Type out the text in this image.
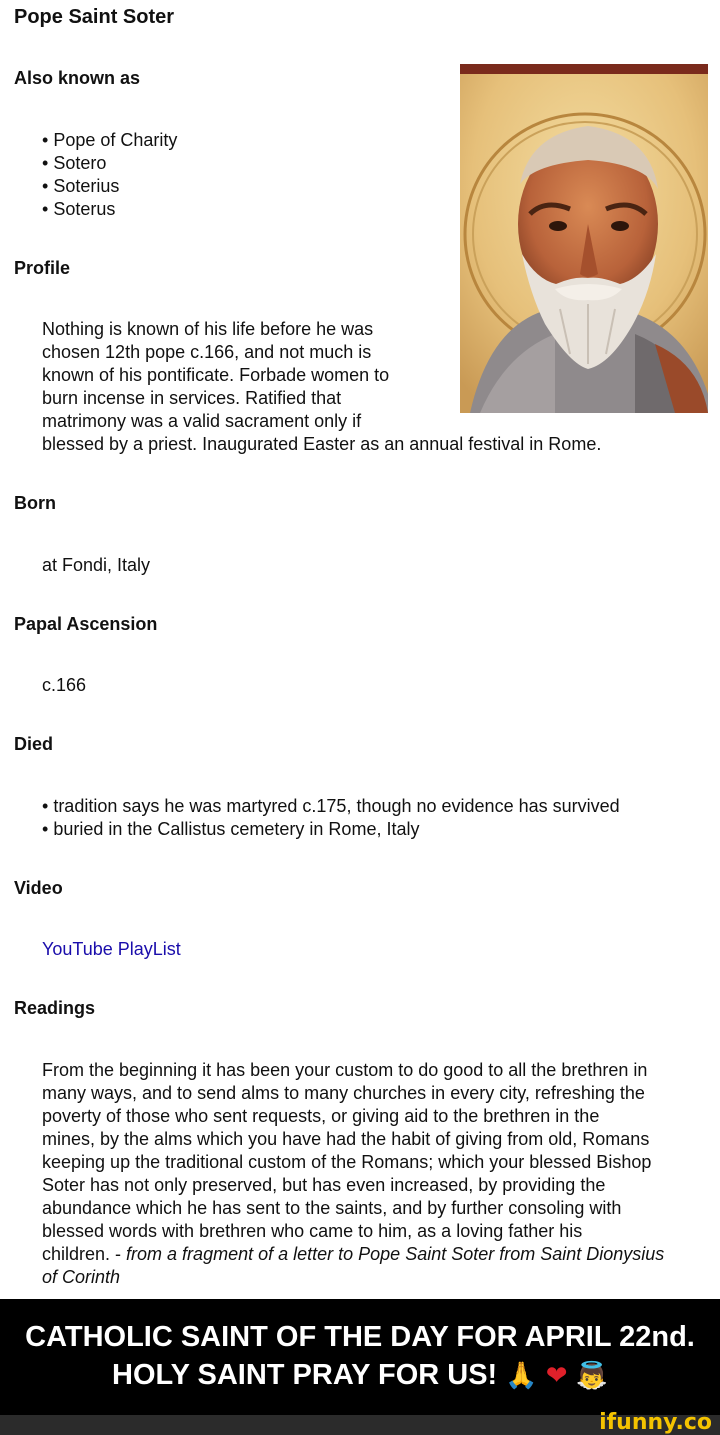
Pope Saint Soter
Also known as
• Pope of Charity
• Sotero
• Soterius
• Soterus
Profile
Nothing is known of his life before he was
chosen 12th pope c.166, and not much is
known of his pontificate. Forbade women to
burn incense in services. Ratified that
matrimony was a valid sacrament only if
blessed by a priest. Inaugurated Easter as an annual festival in Rome.
Born

at Fondi, Italy

Papal Ascension

c.166

Died
• tradition says he was martyred c.175, though no evidence has survived
• buried in the Callistus cemetery in Rome, Italy
Video
YouTube PlayList
Readings
From the beginning it has been your custom to do good to all the brethren in
many ways, and to send alms to many churches in every city, refreshing the
poverty of those who sent requests, or giving aid to the brethren in the
mines, by the alms which you have had the habit of giving from old, Romans
keeping up the traditional custom of the Romans; which your blessed Bishop
Soter has not only preserved, but has even increased, by providing the
abundance which he has sent to the saints, and by further consoling with
blessed words with brethren who came to him, as a loving father his
children. - from a fragment of a letter to Pope Saint Soter from Saint Dionysius
of Corinth
CATHOLIC SAINT OF THE DAY FOR APRIL 22nd.
HOLY SAINT PRAY FOR US! 🙏 ❤ 👼
ifunny.co
